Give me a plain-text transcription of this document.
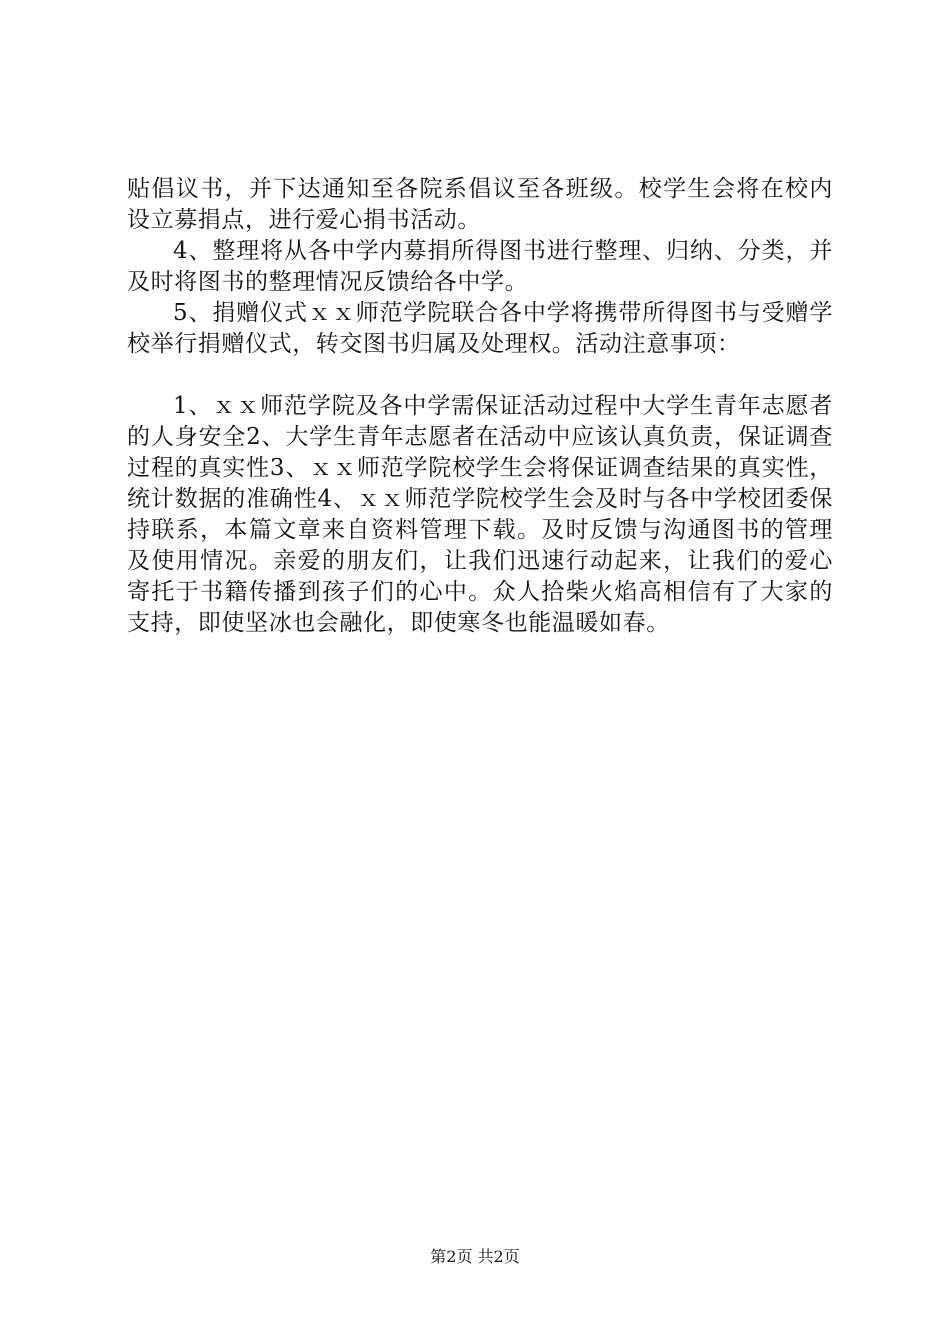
贴倡议书，并下达通知至各院系倡议至各班级。校学生会将在校内设立募捐点，进行爱心捐书活动。

4、整理将从各中学内募捐所得图书进行整理、归纳、分类，并及时将图书的整理情况反馈给各中学。

5、捐赠仪式ｘｘ师范学院联合各中学将携带所得图书与受赠学校举行捐赠仪式，转交图书归属及处理权。活动注意事项：

1、ｘｘ师范学院及各中学需保证活动过程中大学生青年志愿者的人身安全2、大学生青年志愿者在活动中应该认真负责，保证调查过程的真实性3、ｘｘ师范学院校学生会将保证调查结果的真实性，统计数据的准确性4、ｘｘ师范学院校学生会及时与各中学校团委保持联系，本篇文章来自资料管理下载。及时反馈与沟通图书的管理及使用情况。亲爱的朋友们，让我们迅速行动起来，让我们的爱心寄托于书籍传播到孩子们的心中。众人拾柴火焰高相信有了大家的支持，即使坚冰也会融化，即使寒冬也能温暖如春。

第2页 共2页
